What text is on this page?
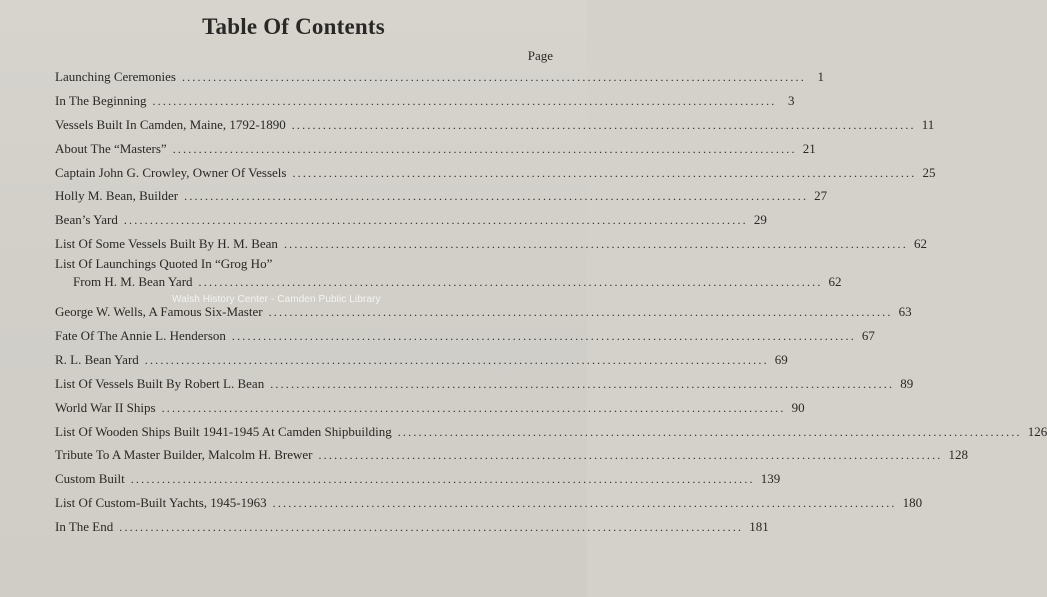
Table Of Contents
Page
Launching Ceremonies ........................................................................................................................ 1
In The Beginning ........................................................................................................................ 3
Vessels Built In Camden, Maine, 1792-1890 ........................................................................................................................ 11
About The “Masters” ........................................................................................................................ 21
Captain John G. Crowley, Owner Of Vessels ........................................................................................................................ 25
Holly M. Bean, Builder ........................................................................................................................ 27
Bean’s Yard ........................................................................................................................ 29
List Of Some Vessels Built By H. M. Bean ........................................................................................................................ 62
List Of Launchings Quoted In “Grog Ho”
From H. M. Bean Yard ........................................................................................................................ 62
George W. Wells, A Famous Six-Master ........................................................................................................................ 63
Fate Of The Annie L. Henderson ........................................................................................................................ 67
R. L. Bean Yard ........................................................................................................................ 69
List Of Vessels Built By Robert L. Bean ........................................................................................................................ 89
World War II Ships ........................................................................................................................ 90
List Of Wooden Ships Built 1941-1945 At Camden Shipbuilding ........................................................................................................................ 126
Tribute To A Master Builder, Malcolm H. Brewer ........................................................................................................................ 128
Custom Built ........................................................................................................................ 139
List Of Custom-Built Yachts, 1945-1963 ........................................................................................................................ 180
In The End ........................................................................................................................ 181
Walsh History Center - Camden Public Library
